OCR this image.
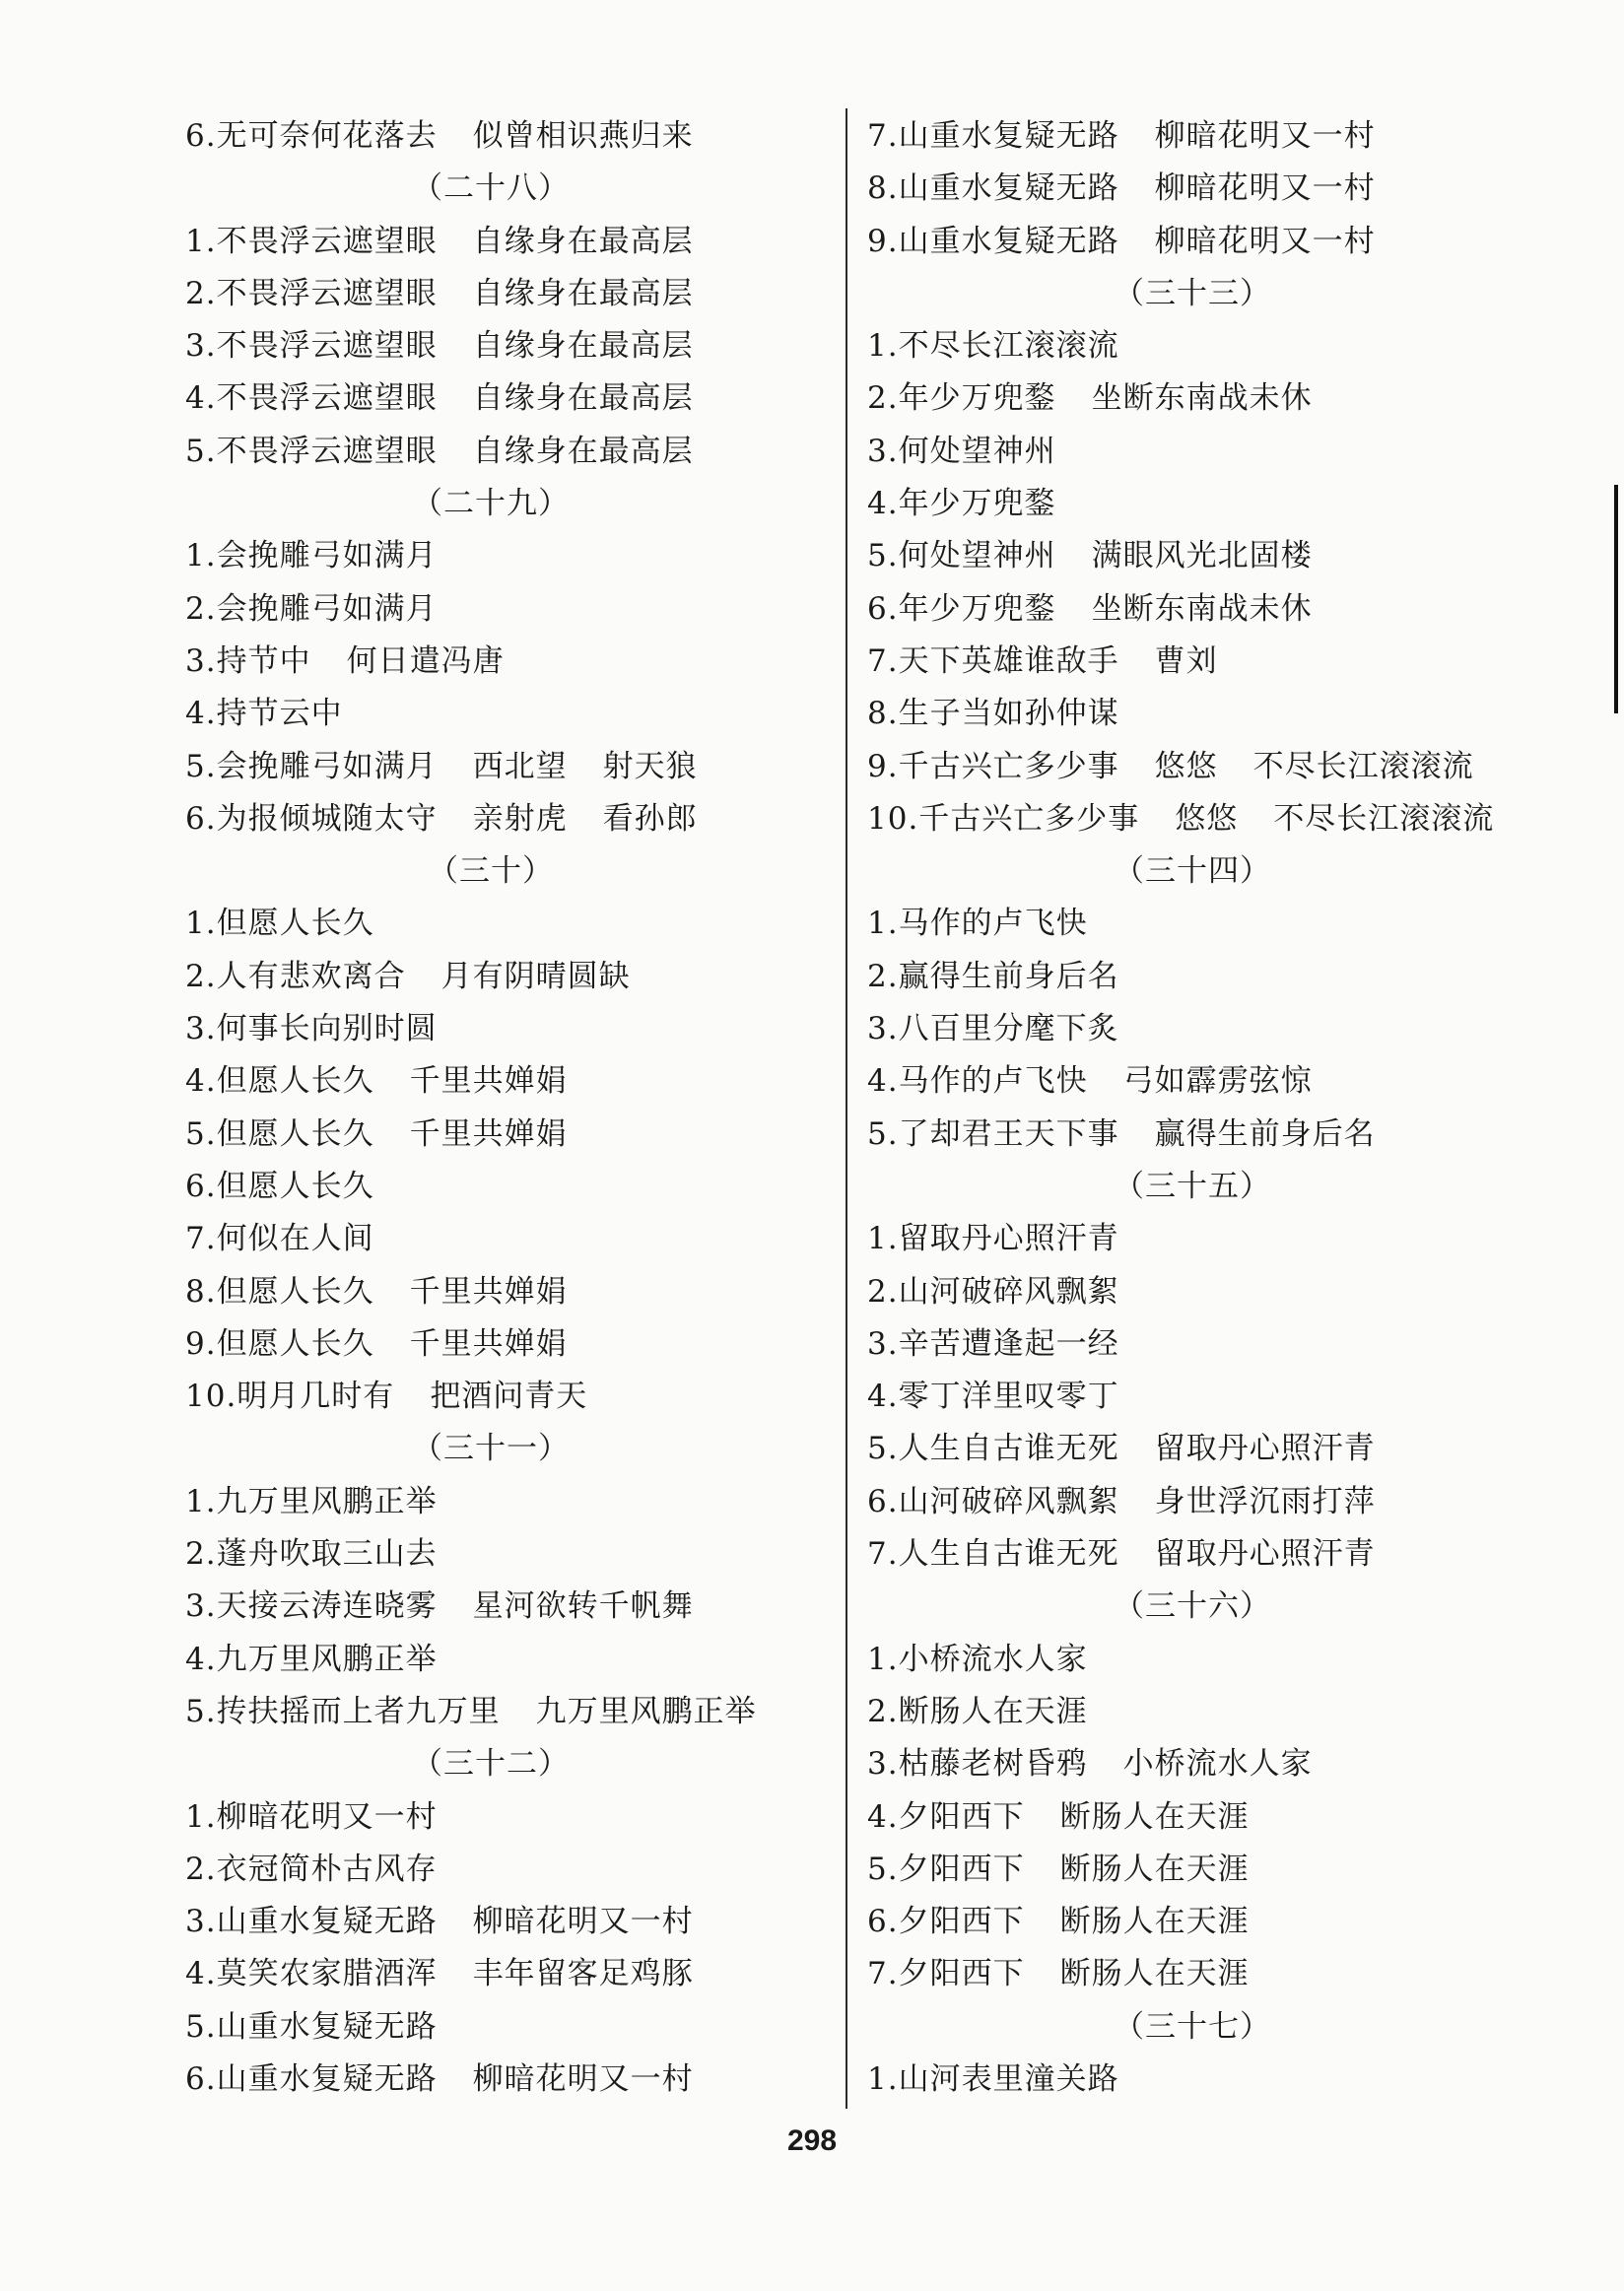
6.无可奈何花落去 似曾相识燕归来
（二十八）
1.不畏浮云遮望眼 自缘身在最高层
2.不畏浮云遮望眼 自缘身在最高层
3.不畏浮云遮望眼 自缘身在最高层
4.不畏浮云遮望眼 自缘身在最高层
5.不畏浮云遮望眼 自缘身在最高层
（二十九）
1.会挽雕弓如满月
2.会挽雕弓如满月
3.持节中 何日遣冯唐
4.持节云中
5.会挽雕弓如满月 西北望 射天狼
6.为报倾城随太守 亲射虎 看孙郎
（三十）
1.但愿人长久
2.人有悲欢离合 月有阴晴圆缺
3.何事长向别时圆
4.但愿人长久 千里共婵娟
5.但愿人长久 千里共婵娟
6.但愿人长久
7.何似在人间
8.但愿人长久 千里共婵娟
9.但愿人长久 千里共婵娟
10.明月几时有 把酒问青天
（三十一）
1.九万里风鹏正举
2.蓬舟吹取三山去
3.天接云涛连晓雾 星河欲转千帆舞
4.九万里风鹏正举
5.抟扶摇而上者九万里 九万里风鹏正举
（三十二）
1.柳暗花明又一村
2.衣冠简朴古风存
3.山重水复疑无路 柳暗花明又一村
4.莫笑农家腊酒浑 丰年留客足鸡豚
5.山重水复疑无路
6.山重水复疑无路 柳暗花明又一村
7.山重水复疑无路 柳暗花明又一村
8.山重水复疑无路 柳暗花明又一村
9.山重水复疑无路 柳暗花明又一村
（三十三）
1.不尽长江滚滚流
2.年少万兜鍪 坐断东南战未休
3.何处望神州
4.年少万兜鍪
5.何处望神州 满眼风光北固楼
6.年少万兜鍪 坐断东南战未休
7.天下英雄谁敌手 曹刘
8.生子当如孙仲谋
9.千古兴亡多少事 悠悠 不尽长江滚滚流
10.千古兴亡多少事 悠悠 不尽长江滚滚流
（三十四）
1.马作的卢飞快
2.赢得生前身后名
3.八百里分麾下炙
4.马作的卢飞快 弓如霹雳弦惊
5.了却君王天下事 赢得生前身后名
（三十五）
1.留取丹心照汗青
2.山河破碎风飘絮
3.辛苦遭逢起一经
4.零丁洋里叹零丁
5.人生自古谁无死 留取丹心照汗青
6.山河破碎风飘絮 身世浮沉雨打萍
7.人生自古谁无死 留取丹心照汗青
（三十六）
1.小桥流水人家
2.断肠人在天涯
3.枯藤老树昏鸦 小桥流水人家
4.夕阳西下 断肠人在天涯
5.夕阳西下 断肠人在天涯
6.夕阳西下 断肠人在天涯
7.夕阳西下 断肠人在天涯
（三十七）
1.山河表里潼关路
298
